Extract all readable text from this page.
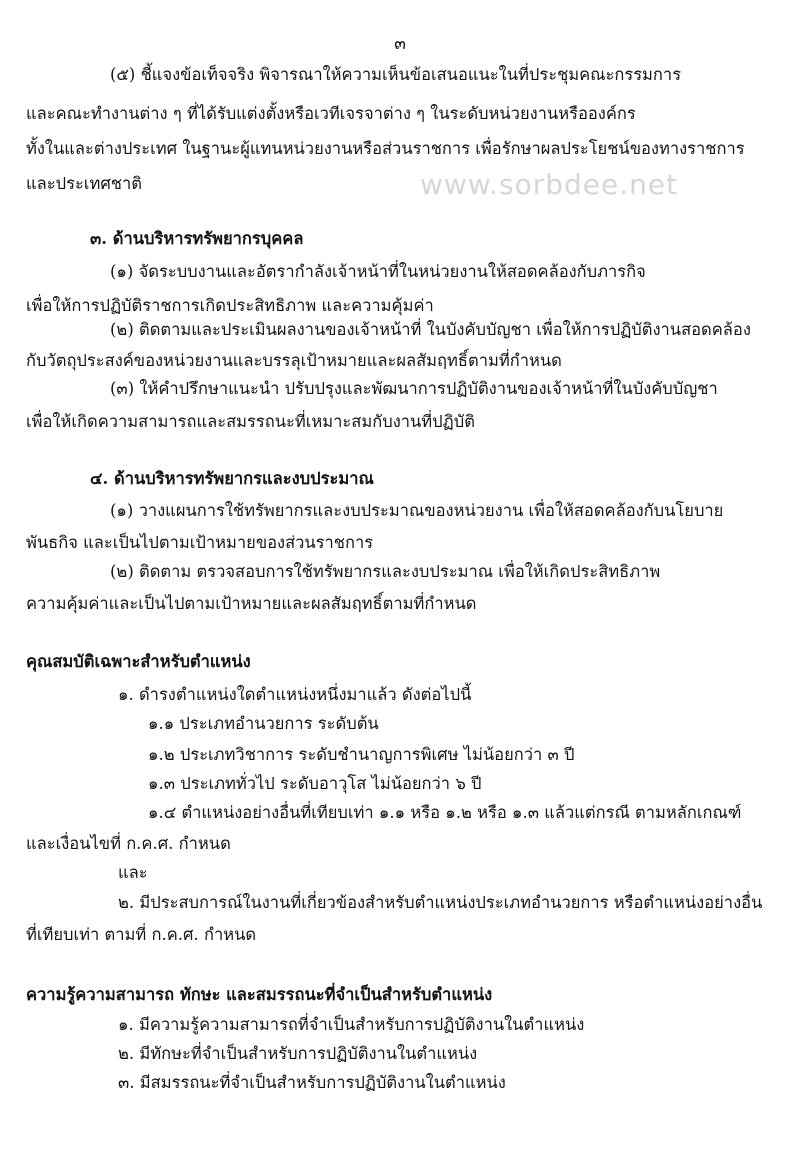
๓
www.sorbdee.net
(๕) ชี้แจงข้อเท็จจริง พิจารณาให้ความเห็นข้อเสนอแนะในที่ประชุมคณะกรรมการ
และคณะทำงานต่าง ๆ ที่ได้รับแต่งตั้งหรือเวทีเจรจาต่าง ๆ ในระดับหน่วยงานหรือองค์กร
ทั้งในและต่างประเทศ ในฐานะผู้แทนหน่วยงานหรือส่วนราชการ เพื่อรักษาผลประโยชน์ของทางราชการ
และประเทศชาติ
๓. ด้านบริหารทรัพยากรบุคคล
(๑) จัดระบบงานและอัตรากำลังเจ้าหน้าที่ในหน่วยงานให้สอดคล้องกับภารกิจ
เพื่อให้การปฏิบัติราชการเกิดประสิทธิภาพ และความคุ้มค่า
(๒) ติดตามและประเมินผลงานของเจ้าหน้าที่ ในบังคับบัญชา เพื่อให้การปฏิบัติงานสอดคล้อง
กับวัตถุประสงค์ของหน่วยงานและบรรลุเป้าหมายและผลสัมฤทธิ์ตามที่กำหนด
(๓) ให้คำปรึกษาแนะนำ ปรับปรุงและพัฒนาการปฏิบัติงานของเจ้าหน้าที่ในบังคับบัญชา
เพื่อให้เกิดความสามารถและสมรรถนะที่เหมาะสมกับงานที่ปฏิบัติ
๔. ด้านบริหารทรัพยากรและงบประมาณ
(๑) วางแผนการใช้ทรัพยากรและงบประมาณของหน่วยงาน เพื่อให้สอดคล้องกับนโยบาย
พันธกิจ และเป็นไปตามเป้าหมายของส่วนราชการ
(๒) ติดตาม ตรวจสอบการใช้ทรัพยากรและงบประมาณ เพื่อให้เกิดประสิทธิภาพ
ความคุ้มค่าและเป็นไปตามเป้าหมายและผลสัมฤทธิ์ตามที่กำหนด
คุณสมบัติเฉพาะสำหรับตำแหน่ง
๑. ดำรงตำแหน่งใดตำแหน่งหนึ่งมาแล้ว ดังต่อไปนี้
๑.๑ ประเภทอำนวยการ ระดับต้น
๑.๒ ประเภทวิชาการ ระดับชำนาญการพิเศษ ไม่น้อยกว่า ๓ ปี
๑.๓ ประเภททั่วไป ระดับอาวุโส ไม่น้อยกว่า ๖ ปี
๑.๔ ตำแหน่งอย่างอื่นที่เทียบเท่า ๑.๑ หรือ ๑.๒ หรือ ๑.๓ แล้วแต่กรณี ตามหลักเกณฑ์
และเงื่อนไขที่ ก.ค.ศ. กำหนด
และ
๒. มีประสบการณ์ในงานที่เกี่ยวข้องสำหรับตำแหน่งประเภทอำนวยการ หรือตำแหน่งอย่างอื่น
ที่เทียบเท่า ตามที่ ก.ค.ศ. กำหนด
ความรู้ความสามารถ ทักษะ และสมรรถนะที่จำเป็นสำหรับตำแหน่ง
๑. มีความรู้ความสามารถที่จำเป็นสำหรับการปฏิบัติงานในตำแหน่ง
๒. มีทักษะที่จำเป็นสำหรับการปฏิบัติงานในตำแหน่ง
๓. มีสมรรถนะที่จำเป็นสำหรับการปฏิบัติงานในตำแหน่ง
